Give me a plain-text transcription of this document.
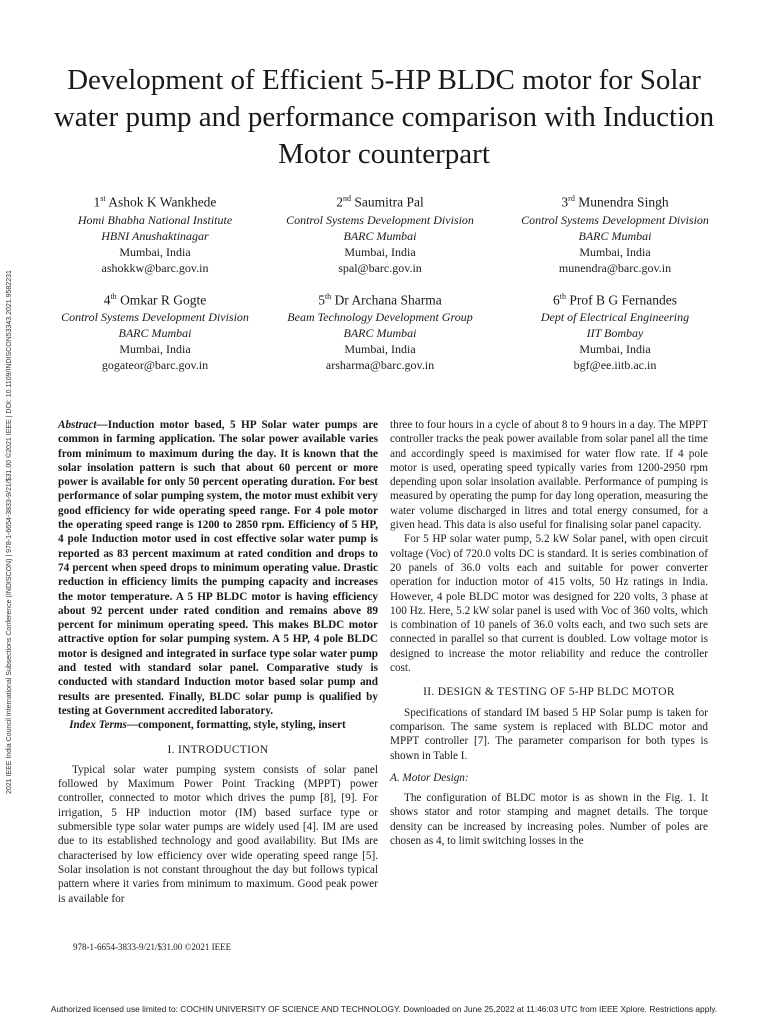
2021 IEEE India Council International Subsections Conference (INDISCON) | 978-1-6654-3833-9/21/$31.00 ©2021 IEEE | DOI: 10.1109/INDISCON53343.2021.9582231
Development of Efficient 5-HP BLDC motor for Solar water pump and performance comparison with Induction Motor counterpart
1st Ashok K Wankhede
Homi Bhabha National Institute
HBNI Anushaktinagar
Mumbai, India
ashokkw@barc.gov.in
2nd Saumitra Pal
Control Systems Development Division
BARC Mumbai
Mumbai, India
spal@barc.gov.in
3rd Munendra Singh
Control Systems Development Division
BARC Mumbai
Mumbai, India
munendra@barc.gov.in
4th Omkar R Gogte
Control Systems Development Division
BARC Mumbai
Mumbai, India
gogateor@barc.gov.in
5th Dr Archana Sharma
Beam Technology Development Group
BARC Mumbai
Mumbai, India
arsharma@barc.gov.in
6th Prof B G Fernandes
Dept of Electrical Engineering
IIT Bombay
Mumbai, India
bgf@ee.iitb.ac.in

Abstract—Induction motor based, 5 HP Solar water pumps are common in farming application. The solar power available varies from minimum to maximum during the day. It is known that the solar insolation pattern is such that about 60 percent or more power is available for only 50 percent operating duration. For best performance of solar pumping system, the motor must exhibit very good efficiency for wide operating speed range. For 4 pole motor the operating speed range is 1200 to 2850 rpm. Efficiency of 5 HP, 4 pole Induction motor used in cost effective solar water pump is reported as 83 percent maximum at rated condition and drops to 74 percent when speed drops to minimum operating value. Drastic reduction in efficiency limits the pumping capacity and increases the motor temperature. A 5 HP BLDC motor is having efficiency about 92 percent under rated condition and remains above 89 percent for minimum operating speed. This makes BLDC motor attractive option for solar pumping system. A 5 HP, 4 pole BLDC motor is designed and integrated in surface type solar water pump and tested with standard solar panel. Comparative study is conducted with standard Induction motor based solar pump and results are presented. Finally, BLDC solar pump is qualified by testing at Government accredited laboratory.

Index Terms—component, formatting, style, styling, insert

I. INTRODUCTION

Typical solar water pumping system consists of solar panel followed by Maximum Power Point Tracking (MPPT) power controller, connected to motor which drives the pump [8], [9]. For irrigation, 5 HP induction motor (IM) based surface type or submersible type solar water pumps are widely used [4]. IM are used due to its established technology and good availability. But IMs are characterised by low efficiency over wide operating speed range [5]. Solar insolation is not constant throughout the day but follows typical pattern where it varies from minimum to maximum. Good peak power is available for

three to four hours in a cycle of about 8 to 9 hours in a day. The MPPT controller tracks the peak power available from solar panel all the time and accordingly speed is maximised for water flow rate. If 4 pole motor is used, operating speed typically varies from 1200-2950 rpm depending upon solar insolation available. Performance of pumping is measured by operating the pump for day long operation, measuring the water volume discharged in litres and total energy consumed, for a given head. This data is also useful for finalising solar panel capacity.

For 5 HP solar water pump, 5.2 kW Solar panel, with open circuit voltage (Voc) of 720.0 volts DC is standard. It is series combination of 20 panels of 36.0 volts each and suitable for power converter operation for induction motor of 415 volts, 50 Hz ratings in India. However, 4 pole BLDC motor was designed for 220 volts, 3 phase at 100 Hz. Here, 5.2 kW solar panel is used with Voc of 360 volts, which is combination of 10 panels of 36.0 volts each, and two such sets are connected in parallel so that current is doubled. Low voltage motor is designed to increase the motor reliability and reduce the controller cost.

II. DESIGN & TESTING OF 5-HP BLDC MOTOR

Specifications of standard IM based 5 HP Solar pump is taken for comparison. The same system is replaced with BLDC motor and MPPT controller [7]. The parameter comparison for both types is shown in Table I.

A. Motor Design:

The configuration of BLDC motor is as shown in the Fig. 1. It shows stator and rotor stamping and magnet details. The torque density can be increased by increasing poles. Number of poles are chosen as 4, to limit switching losses in the

978-1-6654-3833-9/21/$31.00 ©2021 IEEE
Authorized licensed use limited to: COCHIN UNIVERSITY OF SCIENCE AND TECHNOLOGY. Downloaded on June 25,2022 at 11:46:03 UTC from IEEE Xplore. Restrictions apply.
